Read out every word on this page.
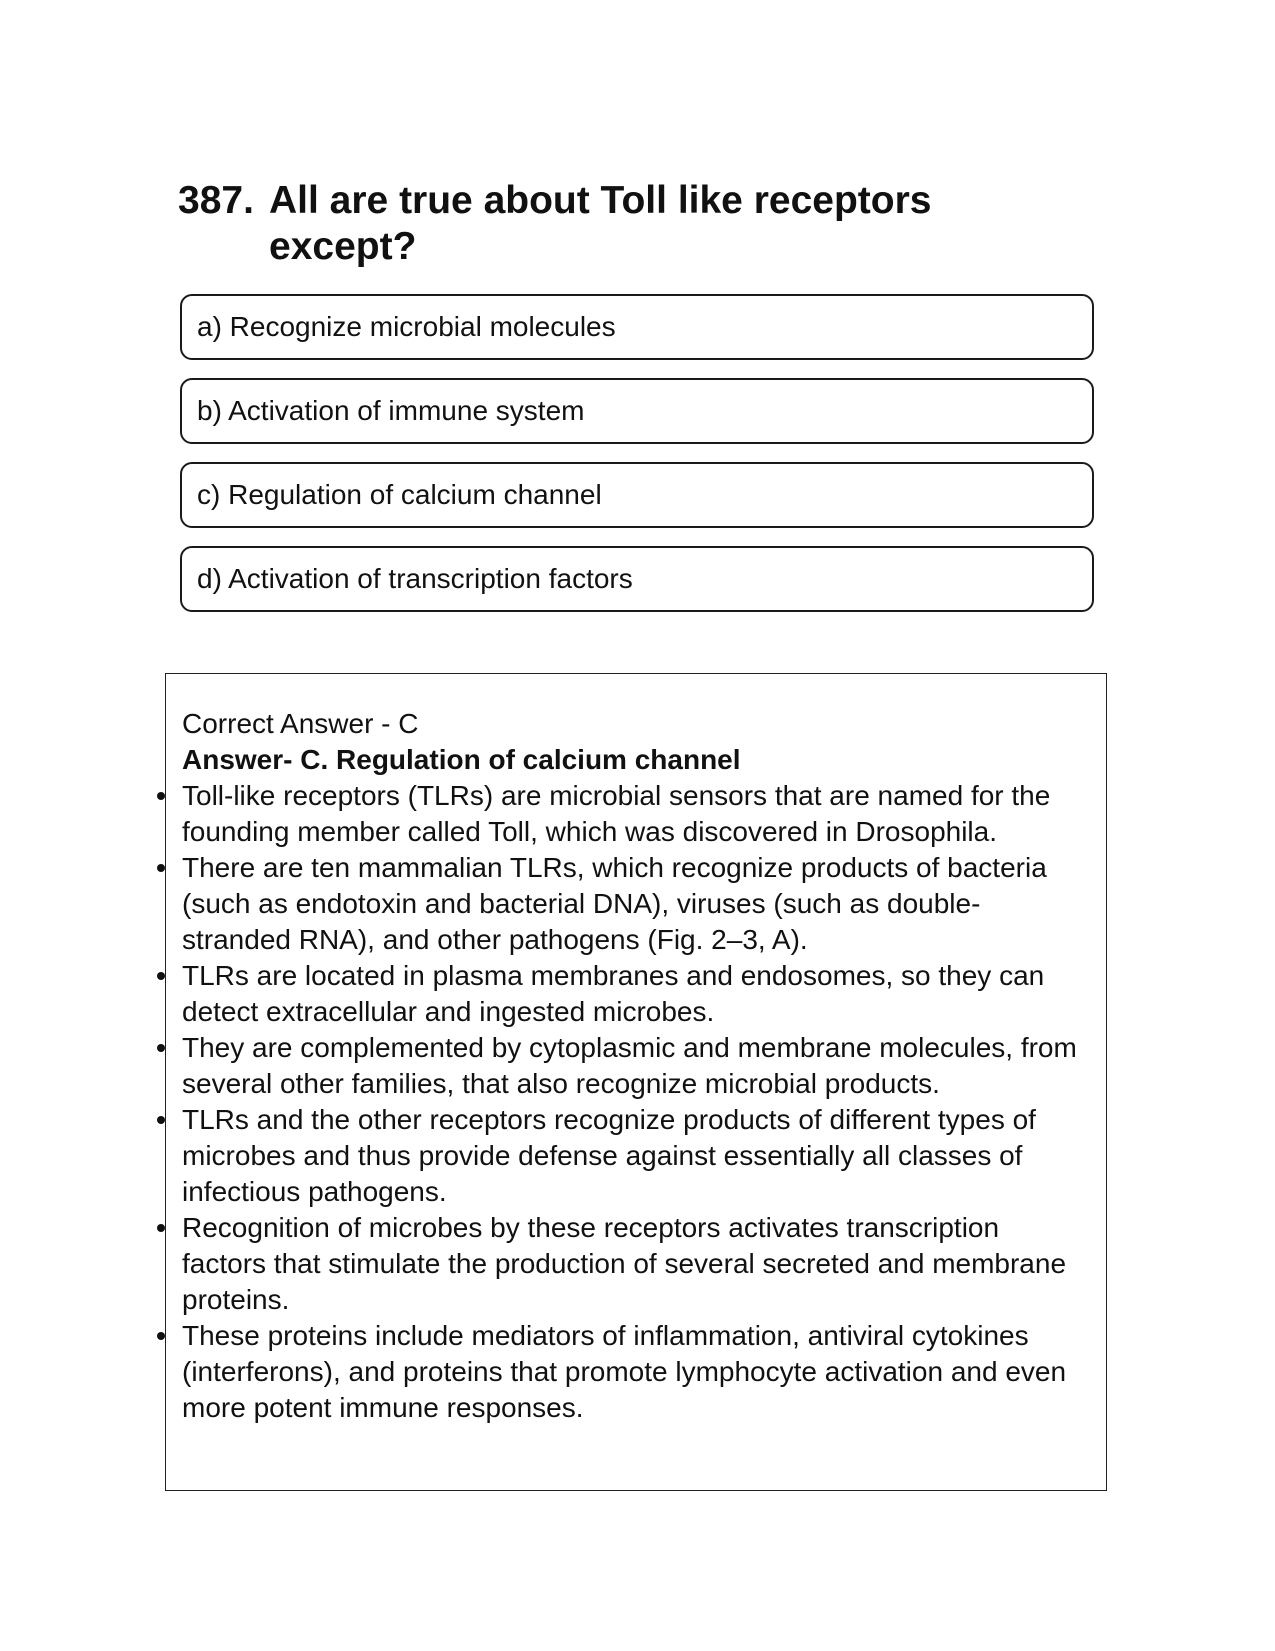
387. All are true about Toll like receptors except?
a) Recognize microbial molecules
b) Activation of immune system
c) Regulation of calcium channel
d) Activation of transcription factors
Correct Answer - C
Answer- C. Regulation of calcium channel
Toll-like receptors (TLRs) are microbial sensors that are named for the founding member called Toll, which was discovered in Drosophila.
There are ten mammalian TLRs, which recognize products of bacteria (such as endotoxin and bacterial DNA), viruses (such as double-stranded RNA), and other pathogens (Fig. 2–3, A).
TLRs are located in plasma membranes and endosomes, so they can detect extracellular and ingested microbes.
They are complemented by cytoplasmic and membrane molecules, from several other families, that also recognize microbial products.
TLRs and the other receptors recognize products of different types of microbes and thus provide defense against essentially all classes of infectious pathogens.
Recognition of microbes by these receptors activates transcription factors that stimulate the production of several secreted and membrane proteins.
These proteins include mediators of inflammation, antiviral cytokines (interferons), and proteins that promote lymphocyte activation and even more potent immune responses.
